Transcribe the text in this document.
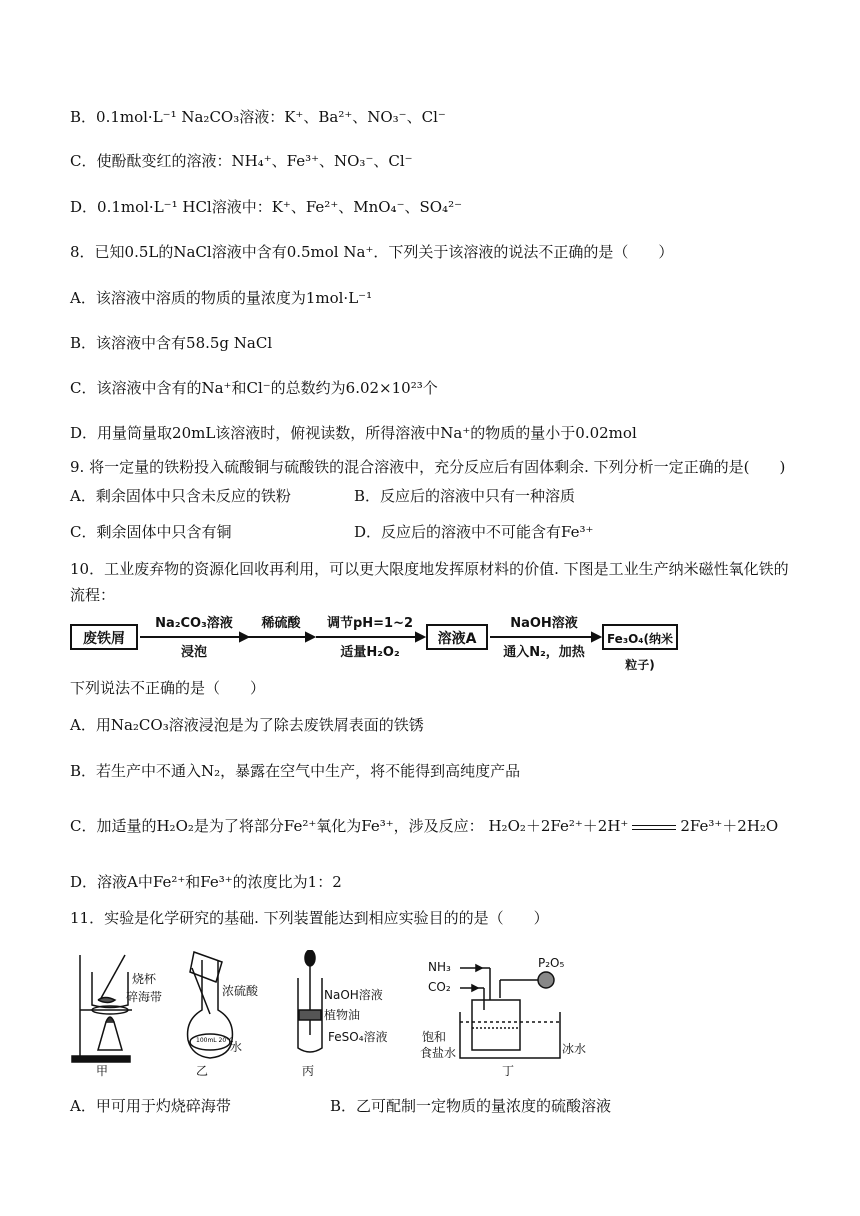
B．0.1mol·L⁻¹ Na₂CO₃溶液：K⁺、Ba²⁺、NO₃⁻、Cl⁻
C．使酚酞变红的溶液：NH₄⁺、Fe³⁺、NO₃⁻、Cl⁻
D．0.1mol·L⁻¹ HCl溶液中：K⁺、Fe²⁺、MnO₄⁻、SO₄²⁻
8．已知0.5L的NaCl溶液中含有0.5mol Na⁺．下列关于该溶液的说法不正确的是（　　）
A．该溶液中溶质的物质的量浓度为1mol·L⁻¹
B．该溶液中含有58.5g NaCl
C．该溶液中含有的Na⁺和Cl⁻的总数约为6.02×10²³个
D．用量筒量取20mL该溶液时，俯视读数，所得溶液中Na⁺的物质的量小于0.02mol
9. 将一定量的铁粉投入硫酸铜与硫酸铁的混合溶液中，充分反应后有固体剩余. 下列分析一定正确的是(　　)
A．剩余固体中只含未反应的铁粉	B．反应后的溶液中只有一种溶质
C．剩余固体中只含有铜	D．反应后的溶液中不可能含有Fe³⁺
10．工业废弃物的资源化回收再利用，可以更大限度地发挥原材料的价值. 下图是工业生产纳米磁性氧化铁的
流程：
废铁屑
Na₂CO₃溶液
浸泡
稀硫酸	调节pH=1~2
适量H₂O₂
溶液A
NaOH溶液
通入N₂，加热
Fe₃O₄(纳米粒子)
下列说法不正确的是（　　）
A．用Na₂CO₃溶液浸泡是为了除去废铁屑表面的铁锈
B．若生产中不通入N₂，暴露在空气中生产，将不能得到高纯度产品
C．加适量的H₂O₂是为了将部分Fe²⁺氧化为Fe³⁺，涉及反应： H₂O₂＋2Fe²⁺＋2H⁺	2Fe³⁺＋2H₂O
D．溶液A中Fe²⁺和Fe³⁺的浓度比为1：2
11．实验是化学研究的基础. 下列装置能达到相应实验目的的是（　　）
烧杯
碎海带
甲
100mL 20°C
浓硫酸
水
乙
NaOH溶液
植物油
FeSO₄溶液
丙
NH₃
CO₂
P₂O₅
饱和
食盐水	冰水
丁
A．甲可用于灼烧碎海带	B．乙可配制一定物质的量浓度的硫酸溶液
